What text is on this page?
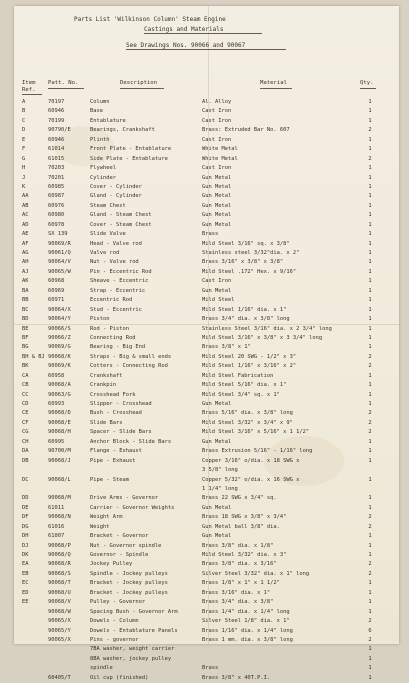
Parts List 'Wilkinson Column' Steam Engine
Castings and Materials
See Drawings Nos. 90066 and 90067
Item Ref.
Patt. No.	Description	Material	Qty.
A	70197	Column	Al. Alloy	1
B	60946	Base	Cast Iron	1
C	70199	Entablature	Cast Iron	1
D	90790/E	Bearings, Crankshaft	Brass: Extruded Bar No. 607	2
E	60946	Plinth	Cast Iron	1
F	61014	Front Plate - Entablature	White Metal	1
G	61015	Side Plate - Entablature	White Metal	2
H	70203	Flywheel	Cast Iron	1
J	70201	Cylinder	Gun Metal	1
K	60985	Cover - Cylinder	Gun Metal	1
AA	60987	Gland - Cylinder	Gun Metal	1
AB	60976	Steam Chest	Gun Metal	1
AC	60980	Gland - Steam Chest	Gun Metal	1
AD	60978	Cover - Steam Chest	Gun Metal	1
AE	SX 139	Slide Valve	Brass	1
AF	90069/R	Head - Valve rod	Mild Steel 3/16" sq. x 3/8"	1
AG	90061/Q	Valve rod	Stainless steel 3/32"dia. x 2"	1
AH	90064/V	Nut - Valve rod	Brass 3/16" x 3/8" x 3/8"	1
AJ	90065/W	Pin - Eccentric Rod	Mild Steel .172" Hex. x 9/16"	1
AK	60968	Sheave - Eccentric	Cast Iron	1
BA	60969	Strap - Eccentric	Gun Metal	1
BB	60971	Eccentric Rod	Mild Steel	1
BC	90064/X	Stud - Eccentric	Mild Steel 1/16" dia. x 1"	1
BD	90064/Y	Piston	Brass 3/4" dia. x 3/8" long	1
BE	90066/S	Rod - Piston	Stainless Steel 3/16" dia. x 2 3/4" long	1
BF	90066/Z	Connecting Rod	Mild Steel 3/16" x 3/8" x 3 3/4" long	1
BG	90069/G	Bearing - Big End	Brass 3/8" x 1"	1
BH & BJ 90068/K	Straps - Big & small ends	Mild Steel 20 SWG - 1/2" x 3"	2
BK	90069/K	Cotters - Connecting Rod	Mild Steel 1/16" x 3/16" x 2"	2
CA	60958	Crankshaft	Mild Steel Fabrication	1
CB	90068/A	Crankpin	Mild Steel 5/16" dia. x 1"	1
CC	90063/G	Crosshead Fork	Mild Steel 3/4" sq. x 1"	1
CD	60993	Slipper - Crosshead	Gun Metal	1
CE	90068/D	Bush - Crosshead	Brass 5/16" dia. x 3/8" long	2
CF	90068/E	Slide Bars	Mild Steel 3/32" x 3/4" x 9"	2
CG	90068/H	Spacer - Slide Bars	Mild Steel 3/16" x 5/16" x 1 1/2"	2
CH	60995	Anchor Block - Slide Bars	Gun Metal	1
DA	90700/M	Flange - Exhaust	Brass Extrusion 5/16" - 1/16" long	1
DB	90068/J	Pipe - Exhaust	Copper 3/16" o/dia. x 18 SWG x	1
3 5/8" long
DC	90068/L	Pipe - Steam	Copper 5/32" o/dia. x 16 SWG x	1
1 1/4" long
DD	90068/M	Drive Arms - Governor	Brass 22 SWG x 3/4" sq.	1
DE	61011	Carrier - Governor Weights	Gun Metal	1
DF	90068/N	Weight Arm	Brass 18 SWG x 3/8" x 3/4"	2
DG	61016	Weight	Gun Metal ball 3/8" dia.	2
DH	61007	Bracket - Governor	Gun Metal	1
DJ	90068/P	Nut - Governor spindle	Brass 3/8" dia. x 1/8"	1
DK	90068/Q	Governor - Spindle	Mild Steel 3/32" dia. x 3"	1
EA	90068/R	Jockey Pulley	Brass 3/8" dia. x 3/16"	2
EB	90068/S	Spindle - Jockey pulleys	Silver Steel 3/32" dia. x 1" long	2
EC	90068/T	Bracket - Jockey pulleys	Brass 1/8" x 1" x 1 1/2"	1
ED	90068/U	Bracket - Jockey pulleys	Brass 3/16" dia. x 1"	1
EE	90068/V	Pulley - Governor	Brass 3/4" dia. x 3/8"	1
90068/W	Spacing Bush - Governor Arm	Brass 1/4" dia. x 1/4" long	1
90065/X	Dowels - Column	Silver Steel 1/8" dia. x 1"	2
90065/Y	Dowels - Entablature Panels	Brass 1/16" dia. x 1/4" long	6
90065/X	Pins - governor	Brass 1 mm. dia. x 3/8" long	2
7BA washer, weight carrier	1
8BA washer, jockey pulley	1
spindle	Brass	1
60405/T	Oil cup (finished)	Brass 3/8" x 40T.P.I.	1
